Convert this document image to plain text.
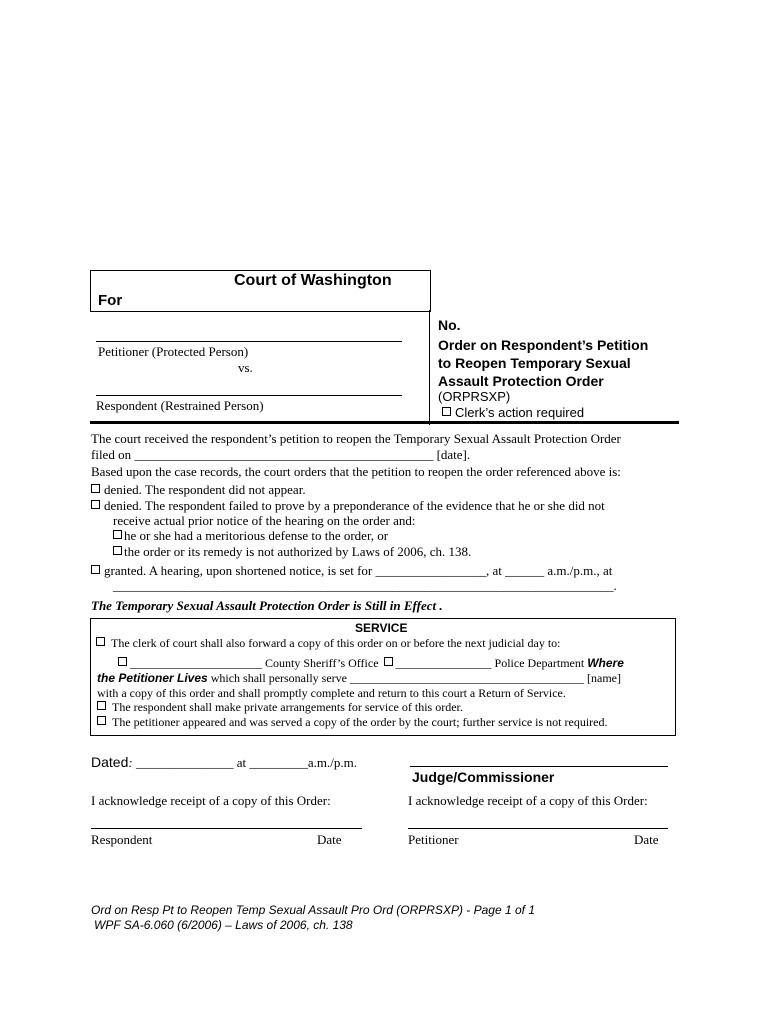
Court of Washington
For
Petitioner (Protected Person)
vs.
Respondent (Restrained Person)
No.
Order on Respondent’s Petition
to Reopen Temporary Sexual
Assault Protection Order
(ORPRSXP)
Clerk’s action required
The court received the respondent’s petition to reopen the Temporary Sexual Assault Protection Order
filed on ______________________________________________ [date].
Based upon the case records, the court orders that the petition to reopen the order referenced above is:
denied. The respondent did not appear.
denied. The respondent failed to prove by a preponderance of the evidence that he or she did not
receive actual prior notice of the hearing on the order and:
he or she had a meritorious defense to the order, or
the order or its remedy is not authorized by Laws of 2006, ch. 138.
granted. A hearing, upon shortened notice, is set for _________________, at ______ a.m./p.m., at
_____________________________________________________________________________.
The Temporary Sexual Assault Protection Order is Still in Effect .
SERVICE
The clerk of court shall also forward a copy of this order on or before the next judicial day to:
______________________ County Sheriff’s Office ________________ Police Department Where
the Petitioner Lives which shall personally serve _______________________________________ [name]
with a copy of this order and shall promptly complete and return to this court a Return of Service.
The respondent shall make private arrangements for service of this order.
The petitioner appeared and was served a copy of the order by the court; further service is not required.
Dated: _______________ at _________a.m./p.m.
Judge/Commissioner
I acknowledge receipt of a copy of this Order:	I acknowledge receipt of a copy of this Order:
Respondent	Date	Petitioner	Date
Ord on Resp Pt to Reopen Temp Sexual Assault Pro Ord (ORPRSXP) - Page 1 of 1
WPF SA-6.060 (6/2006) – Laws of 2006, ch. 138
